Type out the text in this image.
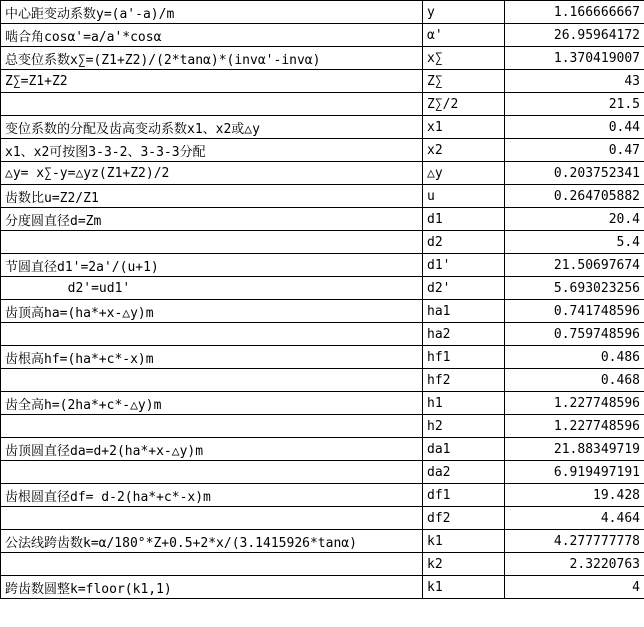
中心距变动系数y=(a'-a)/m	y	1.166666667
啮合角cosα'=a/a'*cosα	α'	26.95964172
总变位系数x∑=(Z1+Z2)/(2*tanα)*(invα'-invα)	x∑	1.370419007
Z∑=Z1+Z2	Z∑	43
	Z∑/2	21.5
变位系数的分配及齿高变动系数x1、x2或△y	x1	0.44
x1、x2可按图3-3-2、3-3-3分配	x2	0.47
△y= x∑-y=△yz(Z1+Z2)/2	△y	0.203752341
齿数比u=Z2/Z1	u	0.264705882
分度圆直径d=Zm	d1	20.4
	d2	5.4
节圆直径d1'=2a'/(u+1)	d1'	21.50697674
d2'=ud1'	d2'	5.693023256
齿顶高ha=(ha*+x-△y)m	ha1	0.741748596
	ha2	0.759748596
齿根高hf=(ha*+c*-x)m	hf1	0.486
	hf2	0.468
齿全高h=(2ha*+c*-△y)m	h1	1.227748596
	h2	1.227748596
齿顶圆直径da=d+2(ha*+x-△y)m	da1	21.88349719
	da2	6.919497191
齿根圆直径df= d-2(ha*+c*-x)m	df1	19.428
	df2	4.464
公法线跨齿数k=α/180°*Z+0.5+2*x/(3.1415926*tanα)	k1	4.277777778
	k2	2.3220763
跨齿数圆整k=floor(k1,1)	k1	4
